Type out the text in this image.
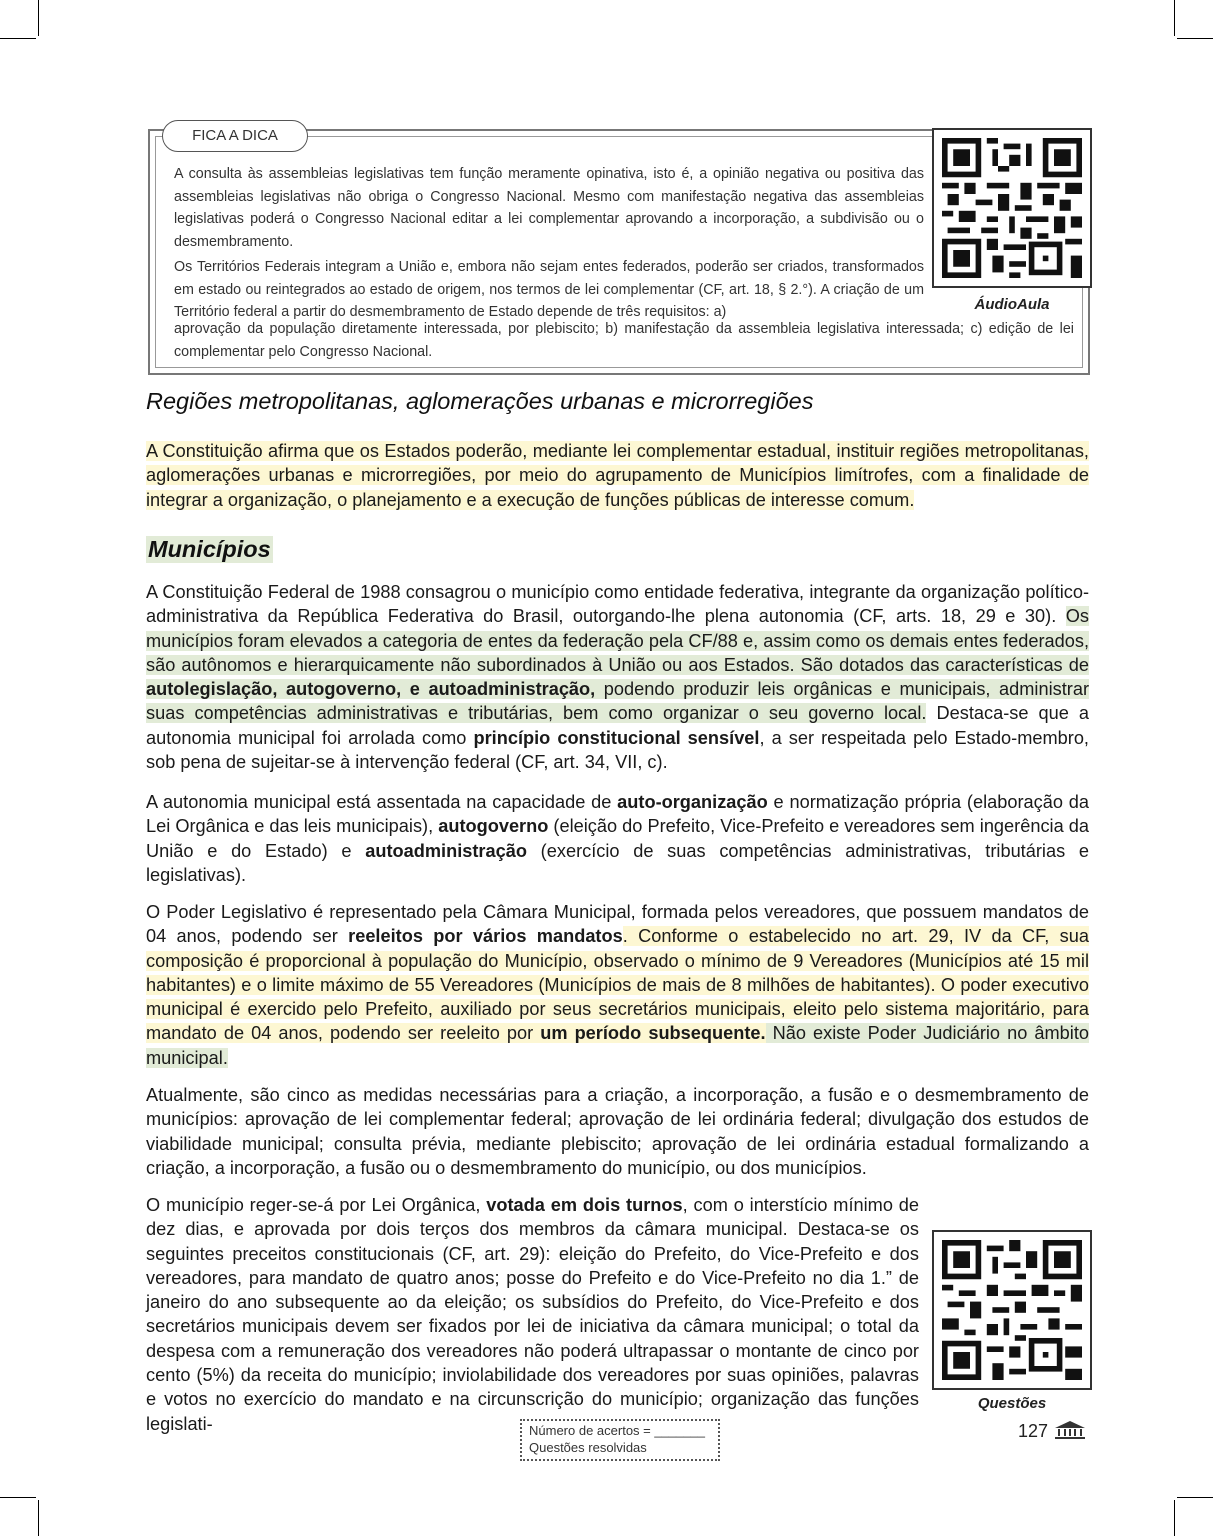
FICA A DICA

A consulta às assembleias legislativas tem função meramente opinativa, isto é, a opinião negativa ou positiva das assembleias legislativas não obriga o Congresso Nacional. Mesmo com manifestação negativa das assembleias legislativas poderá o Congresso Nacional editar a lei complementar aprovando a incorporação, a subdivisão ou o desmembramento.

Os Territórios Federais integram a União e, embora não sejam entes federados, poderão ser criados, transformados em estado ou reintegrados ao estado de origem, nos termos de lei complementar (CF, art. 18, § 2.°). A criação de um Território federal a partir do desmembramento de Estado depende de três requisitos: a)

aprovação da população diretamente interessada, por plebiscito; b) manifestação da assembleia legislativa interessada; c) edição de lei complementar pelo Congresso Nacional.

ÁudioAula
Regiões metropolitanas, aglomerações urbanas e microrregiões

A Constituição afirma que os Estados poderão, mediante lei complementar estadual, instituir regiões metropolitanas, aglomerações urbanas e microrregiões, por meio do agrupamento de Municípios limítrofes, com a finalidade de integrar a organização, o planejamento e a execução de funções públicas de interesse comum.

Municípios

A Constituição Federal de 1988 consagrou o município como entidade federativa, integrante da organização político-administrativa da República Federativa do Brasil, outorgando-lhe plena autonomia (CF, arts. 18, 29 e 30). Os municípios foram elevados a categoria de entes da federação pela CF/88 e, assim como os demais entes federados, são autônomos e hierarquicamente não subordinados à União ou aos Estados. São dotados das características de autolegislação, autogoverno, e autoadministração, podendo produzir leis orgânicas e municipais, administrar suas competências administrativas e tributárias, bem como organizar o seu governo local. Destaca-se que a autonomia municipal foi arrolada como princípio constitucional sensível, a ser respeitada pelo Estado-membro, sob pena de sujeitar-se à intervenção federal (CF, art. 34, VII, c).

A autonomia municipal está assentada na capacidade de auto-organização e normatização própria (elaboração da Lei Orgânica e das leis municipais), autogoverno (eleição do Prefeito, Vice-Prefeito e vereadores sem ingerência da União e do Estado) e autoadministração (exercício de suas competências administrativas, tributárias e legislativas).

O Poder Legislativo é representado pela Câmara Municipal, formada pelos vereadores, que possuem mandatos de 04 anos, podendo ser reeleitos por vários mandatos. Conforme o estabelecido no art. 29, IV da CF, sua composição é proporcional à população do Município, observado o mínimo de 9 Vereadores (Municípios até 15 mil habitantes) e o limite máximo de 55 Vereadores (Municípios de mais de 8 milhões de habitantes). O poder executivo municipal é exercido pelo Prefeito, auxiliado por seus secretários municipais, eleito pelo sistema majoritário, para mandato de 04 anos, podendo ser reeleito por um período subsequente. Não existe Poder Judiciário no âmbito municipal.

Atualmente, são cinco as medidas necessárias para a criação, a incorporação, a fusão e o desmembramento de municípios: aprovação de lei complementar federal; aprovação de lei ordinária federal; divulgação dos estudos de viabilidade municipal; consulta prévia, mediante plebiscito; aprovação de lei ordinária estadual formalizando a criação, a incorporação, a fusão ou o desmembramento do município, ou dos municípios.

O município reger-se-á por Lei Orgânica, votada em dois turnos, com o interstício mínimo de dez dias, e aprovada por dois terços dos membros da câmara municipal. Destaca-se os seguintes preceitos constitucionais (CF, art. 29): eleição do Prefeito, do Vice-Prefeito e dos vereadores, para mandato de quatro anos; posse do Prefeito e do Vice-Prefeito no dia 1.” de janeiro do ano subsequente ao da eleição; os subsídios do Prefeito, do Vice-Prefeito e dos secretários municipais devem ser fixados por lei de iniciativa da câmara municipal; o total da despesa com a remuneração dos vereadores não poderá ultrapassar o montante de cinco por cento (5%) da receita do município; inviolabilidade dos vereadores por suas opiniões, palavras e votos no exercício do mandato e na circunscrição do município; organização das funções legislati-

Questões
Número de acertos = _______
Questões resolvidas
127
